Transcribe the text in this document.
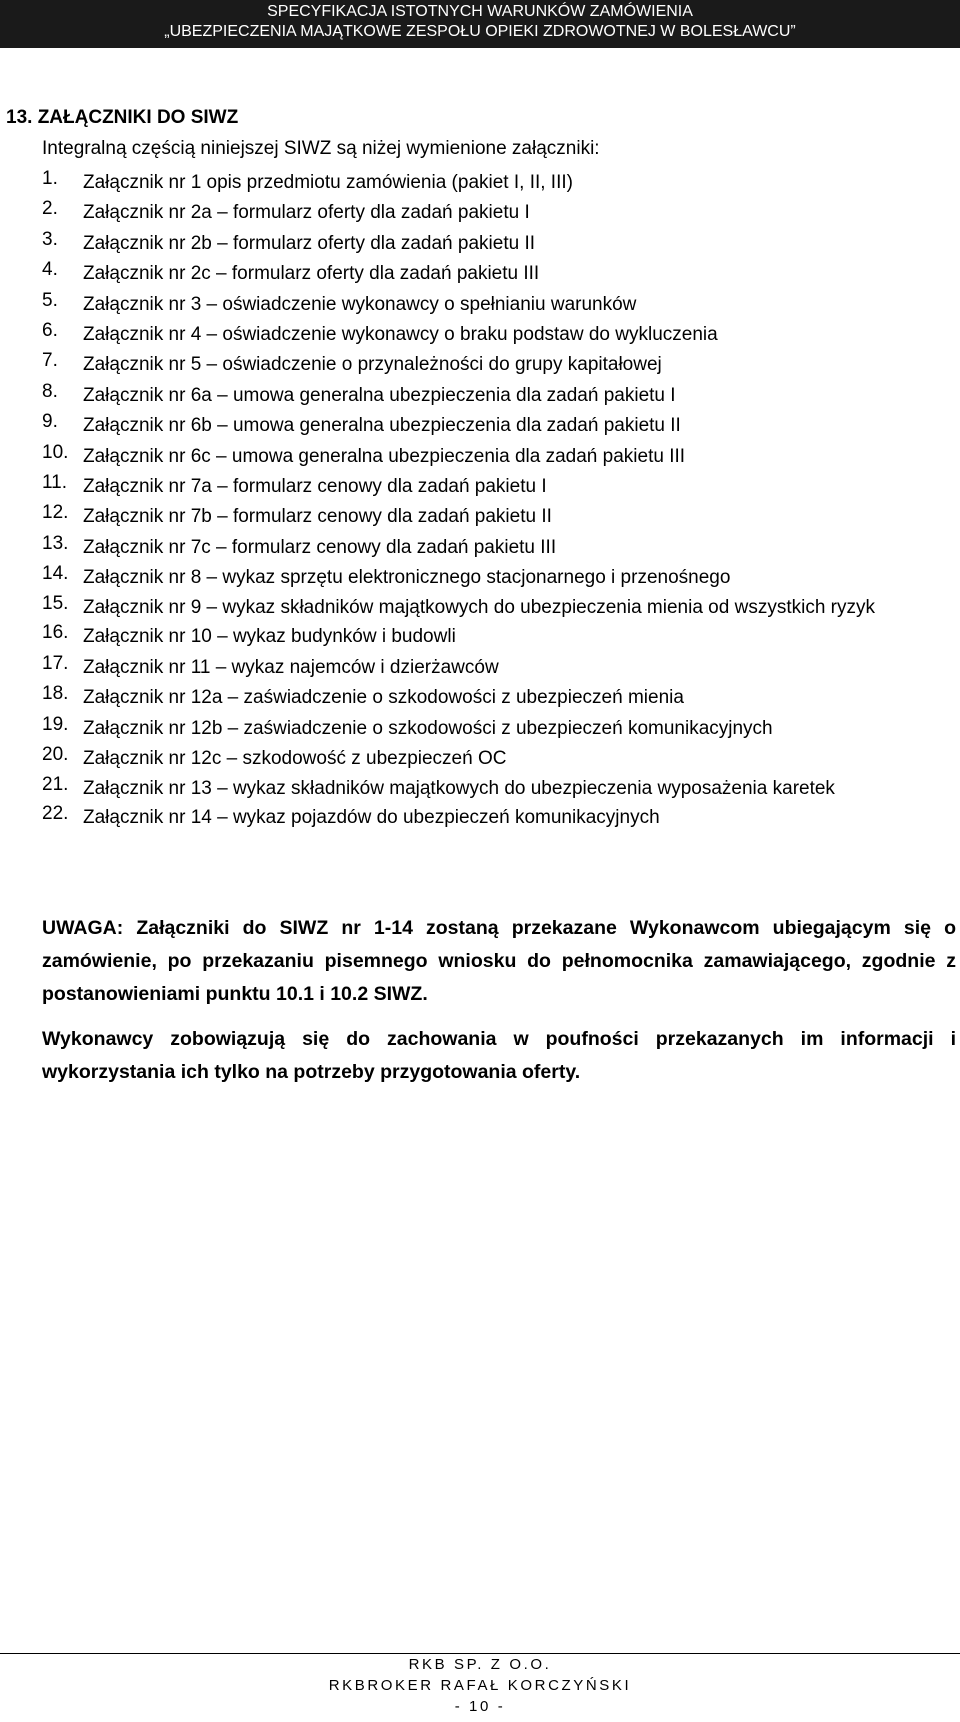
SPECYFIKACJA ISTOTNYCH WARUNKÓW ZAMÓWIENIA
„UBEZPIECZENIA MAJĄTKOWE ZESPOŁU OPIEKI ZDROWOTNEJ W BOLESŁAWCU”
13. ZAŁĄCZNIKI DO SIWZ
Integralną częścią niniejszej SIWZ są niżej wymienione załączniki:
1. Załącznik nr 1 opis przedmiotu zamówienia (pakiet I, II, III)
2. Załącznik nr 2a – formularz oferty dla zadań pakietu I
3. Załącznik nr 2b – formularz oferty dla zadań pakietu II
4. Załącznik nr 2c – formularz oferty dla zadań pakietu III
5. Załącznik nr 3 – oświadczenie wykonawcy o spełnianiu warunków
6. Załącznik nr 4 – oświadczenie wykonawcy o braku podstaw do wykluczenia
7. Załącznik nr 5 – oświadczenie o przynależności do grupy kapitałowej
8. Załącznik nr 6a – umowa generalna ubezpieczenia dla zadań pakietu I
9. Załącznik nr 6b – umowa generalna ubezpieczenia dla zadań pakietu II
10. Załącznik nr 6c – umowa generalna ubezpieczenia dla zadań pakietu III
11. Załącznik nr 7a – formularz cenowy dla zadań pakietu I
12. Załącznik nr 7b – formularz cenowy dla zadań pakietu II
13. Załącznik nr 7c – formularz cenowy dla zadań pakietu III
14. Załącznik nr 8 – wykaz sprzętu elektronicznego stacjonarnego i przenośnego
15. Załącznik nr 9 – wykaz składników majątkowych do ubezpieczenia mienia od wszystkich ryzyk
16. Załącznik nr 10 – wykaz budynków i budowli
17. Załącznik nr 11 – wykaz najemców i dzierżawców
18. Załącznik nr 12a – zaświadczenie o szkodowości z ubezpieczeń mienia
19. Załącznik nr 12b – zaświadczenie o szkodowości z ubezpieczeń komunikacyjnych
20. Załącznik nr 12c – szkodowość z ubezpieczeń OC
21. Załącznik nr 13 – wykaz składników majątkowych do ubezpieczenia wyposażenia karetek
22. Załącznik nr 14 – wykaz pojazdów do ubezpieczeń komunikacyjnych
UWAGA: Załączniki do SIWZ nr 1-14 zostaną przekazane Wykonawcom ubiegającym się o zamówienie, po przekazaniu pisemnego wniosku do pełnomocnika zamawiającego, zgodnie z postanowieniami punktu 10.1 i 10.2 SIWZ.
Wykonawcy zobowiązują się do zachowania w poufności przekazanych im informacji i wykorzystania ich tylko na potrzeby przygotowania oferty.
RKB SP. Z O.O.
RKBROKER RAFAŁ KORCZYŃSKI
- 10 -
